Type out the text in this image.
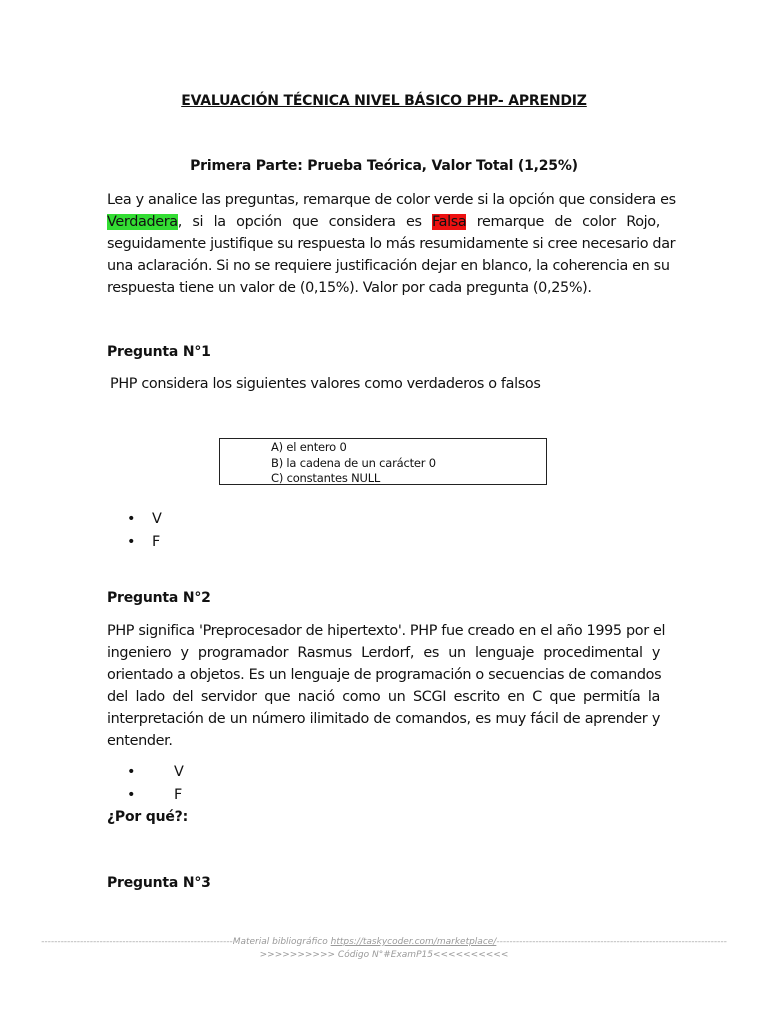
EVALUACIÓN TÉCNICA NIVEL BÁSICO PHP- APRENDIZ
Primera Parte: Prueba Teórica, Valor Total (1,25%)
Lea y analice las preguntas, remarque de color verde si la opción que considera es
Verdadera, si la opción que considera es Falsa remarque de color Rojo,
seguidamente justifique su respuesta lo más resumidamente si cree necesario dar
una aclaración. Si no se requiere justificación dejar en blanco, la coherencia en su
respuesta tiene un valor de (0,15%). Valor por cada pregunta (0,25%).
Pregunta N°1
PHP considera los siguientes valores como verdaderos o falsos
A) el entero 0
B) la cadena de un carácter 0
C) constantes NULL
• V
• F
Pregunta N°2
PHP significa 'Preprocesador de hipertexto'. PHP fue creado en el año 1995 por el
ingeniero y programador Rasmus Lerdorf, es un lenguaje procedimental y
orientado a objetos. Es un lenguaje de programación o secuencias de comandos
del lado del servidor que nació como un SCGI escrito en C que permitía la
interpretación de un número ilimitado de comandos, es muy fácil de aprender y
entender.
•	V
•	F
¿Por qué?:
Pregunta N°3
-----------------------------------------------------------Material bibliográfico https://taskycoder.com/marketplace/-----------------------------------------------------------------------
>>>>>>>>>> Código N°#ExamP15<<<<<<<<<<
